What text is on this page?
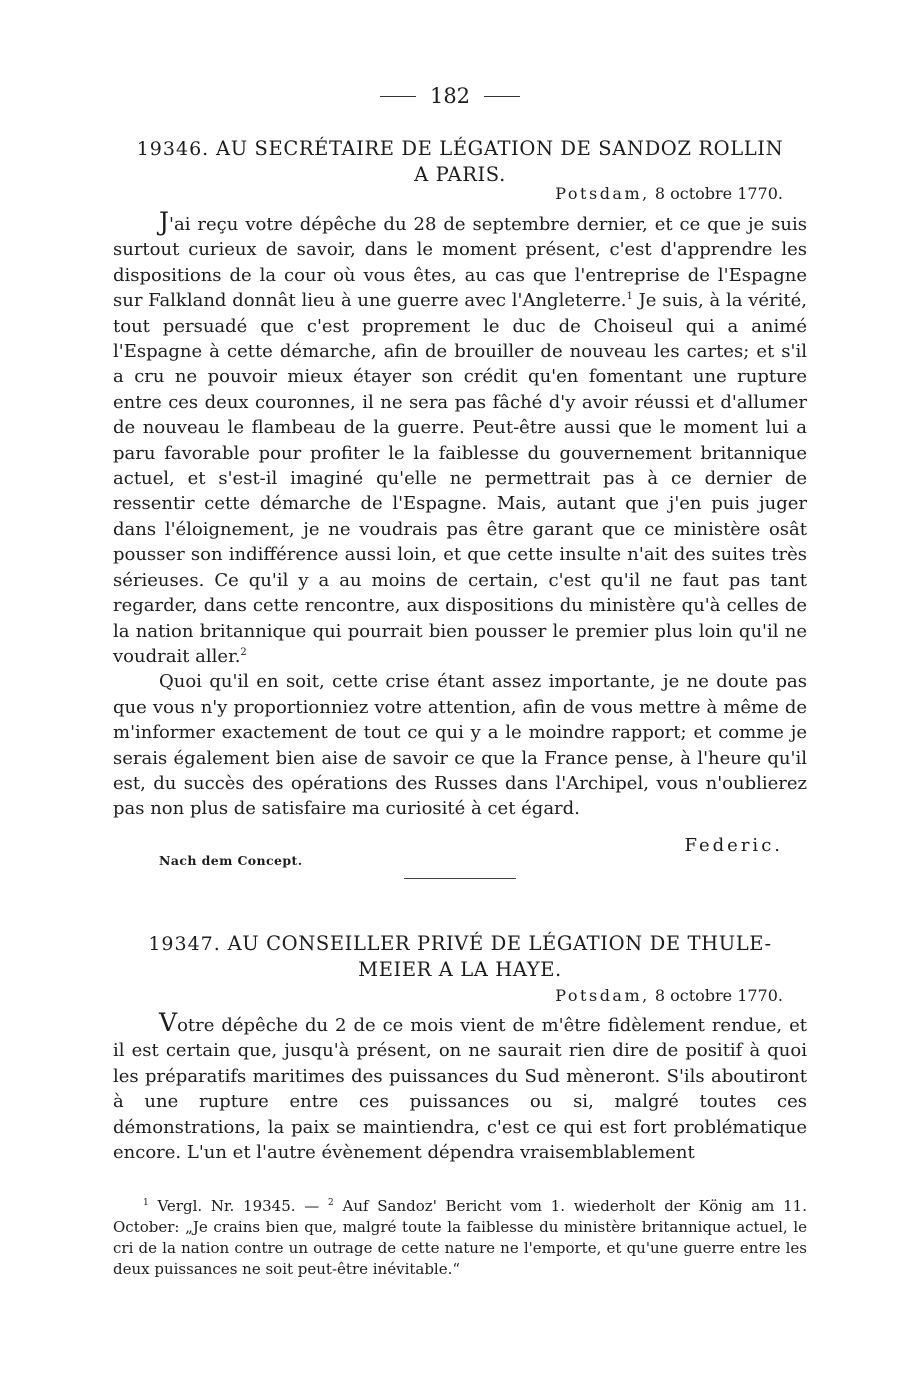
182
19346. AU SECRÉTAIRE DE LÉGATION DE SANDOZ ROLLIN
A PARIS.
Potsdam, 8 octobre 1770.

J'ai reçu votre dépêche du 28 de septembre dernier, et ce que je suis surtout curieux de savoir, dans le moment présent, c'est d'apprendre les dispositions de la cour où vous êtes, au cas que l'entreprise de l'Espagne sur Falkland donnât lieu à une guerre avec l'Angleterre.$^1$ Je suis, à la vérité, tout persuadé que c'est proprement le duc de Choiseul qui a animé l'Espagne à cette démarche, afin de brouiller de nouveau les cartes; et s'il a cru ne pouvoir mieux étayer son crédit qu'en fomentant une rupture entre ces deux couronnes, il ne sera pas fâché d'y avoir réussi et d'allumer de nouveau le flambeau de la guerre. Peut-être aussi que le moment lui a paru favorable pour profiter le la faiblesse du gouvernement britannique actuel, et s'est-il imaginé qu'elle ne permettrait pas à ce dernier de ressentir cette démarche de l'Espagne. Mais, autant que j'en puis juger dans l'éloignement, je ne voudrais pas être garant que ce ministère osât pousser son indifférence aussi loin, et que cette insulte n'ait des suites très sérieuses. Ce qu'il y a au moins de certain, c'est qu'il ne faut pas tant regarder, dans cette rencontre, aux dispositions du ministère qu'à celles de la nation britannique qui pourrait bien pousser le premier plus loin qu'il ne voudrait aller.$^2$

Quoi qu'il en soit, cette crise étant assez importante, je ne doute pas que vous n'y proportionniez votre attention, afin de vous mettre à même de m'informer exactement de tout ce qui y a le moindre rapport; et comme je serais également bien aise de savoir ce que la France pense, à l'heure qu'il est, du succès des opérations des Russes dans l'Archipel, vous n'oublierez pas non plus de satisfaire ma curiosité à cet égard.

Federic.
Nach dem Concept.
19347. AU CONSEILLER PRIVÉ DE LÉGATION DE THULE-
MEIER A LA HAYE.
Potsdam, 8 octobre 1770.

Votre dépêche du 2 de ce mois vient de m'être fidèlement rendue, et il est certain que, jusqu'à présent, on ne saurait rien dire de positif à quoi les préparatifs maritimes des puissances du Sud mèneront. S'ils aboutiront à une rupture entre ces puissances ou si, malgré toutes ces démonstrations, la paix se maintiendra, c'est ce qui est fort problématique encore. L'un et l'autre évènement dépendra vraisemblablement

$^1$ Vergl. Nr. 19345. — $^2$ Auf Sandoz' Bericht vom 1. wiederholt der König am 11. October: „Je crains bien que, malgré toute la faiblesse du ministère britannique actuel, le cri de la nation contre un outrage de cette nature ne l'emporte, et qu'une guerre entre les deux puissances ne soit peut-être inévitable.“
